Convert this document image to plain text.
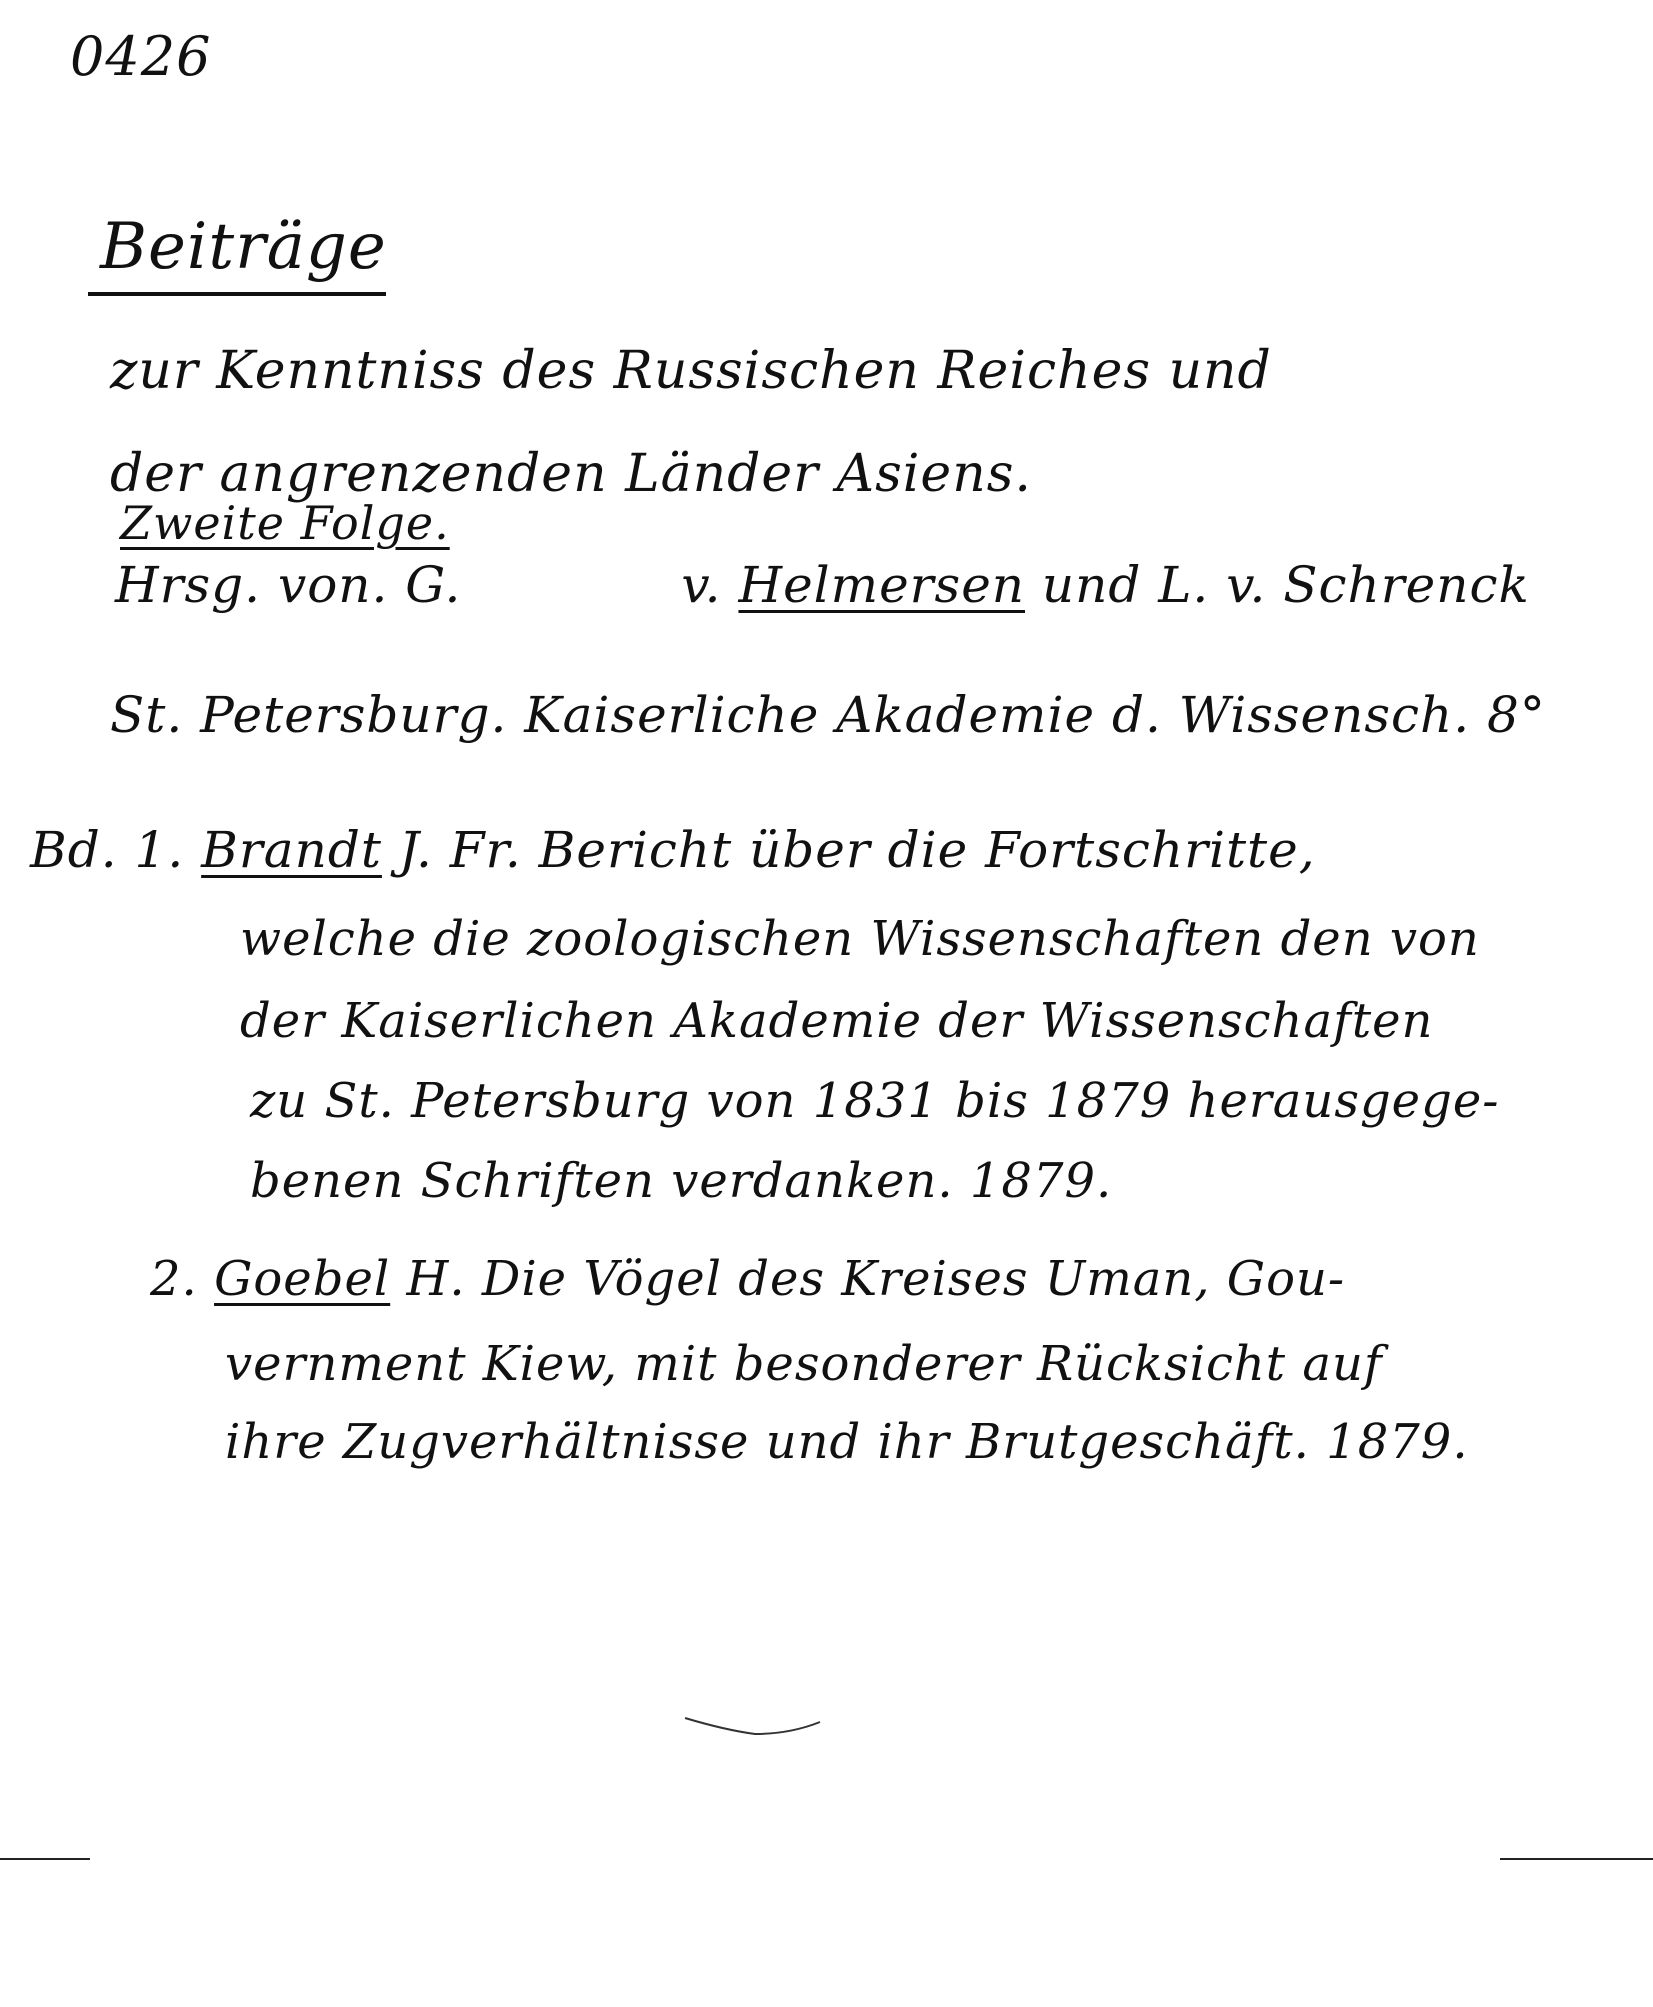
0426
Beiträge
zur Kenntniss des Russischen Reiches und
der angrenzenden Länder Asiens.
Zweite Folge.
Hrsg. von. G.	v. Helmersen und L. v. Schrenck
St. Petersburg. Kaiserliche Akademie d. Wissensch. 8°
Bd. 1. Brandt J. Fr. Bericht über die Fortschritte,
welche die zoologischen Wissenschaften den von
der Kaiserlichen Akademie der Wissenschaften
zu St. Petersburg von 1831 bis 1879 herausgege-
benen Schriften verdanken. 1879.
2. Goebel H. Die Vögel des Kreises Uman, Gou-
vernment Kiew, mit besonderer Rücksicht auf
ihre Zugverhältnisse und ihr Brutgeschäft. 1879.
